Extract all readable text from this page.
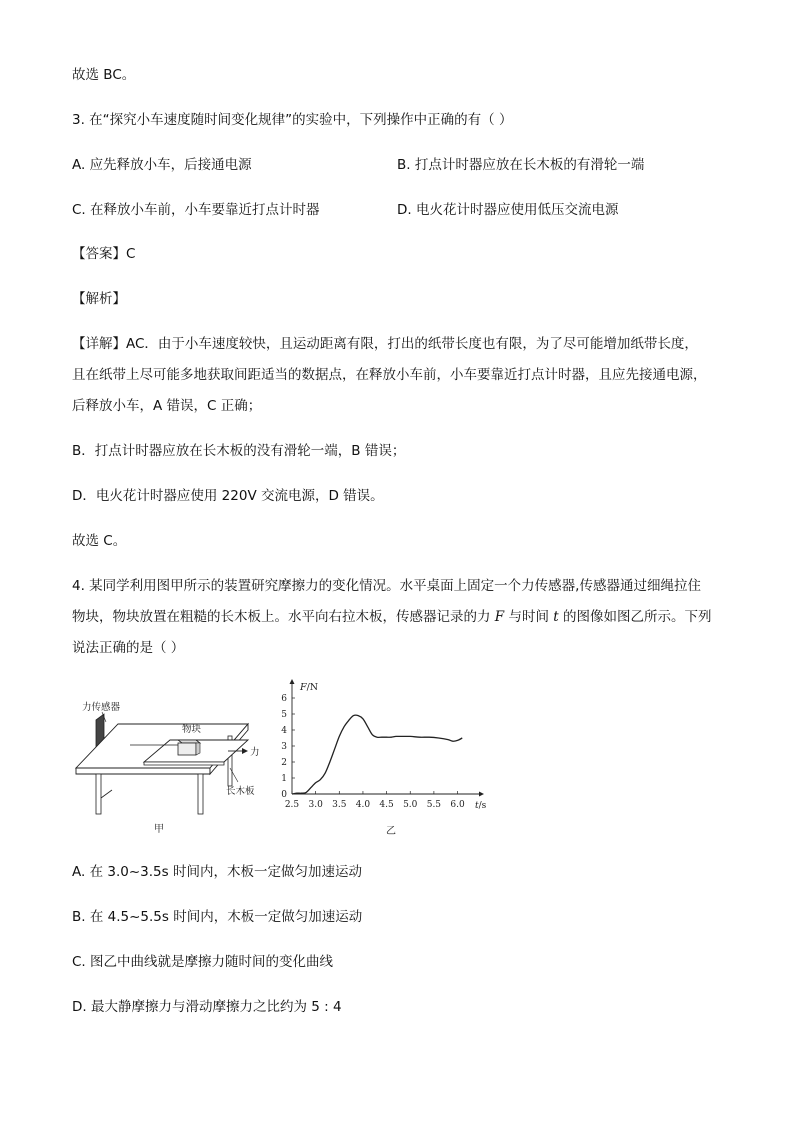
故选 BC。
3. 在“探究小车速度随时间变化规律”的实验中，下列操作中正确的有（ ）
A. 应先释放小车，后接通电源	B. 打点计时器应放在长木板的有滑轮一端
C. 在释放小车前，小车要靠近打点计时器	D. 电火花计时器应使用低压交流电源
【答案】C
【解析】
【详解】AC．由于小车速度较快，且运动距离有限，打出的纸带长度也有限，为了尽可能增加纸带长度，
且在纸带上尽可能多地获取间距适当的数据点，在释放小车前，小车要靠近打点计时器，且应先接通电源，
后释放小车，A 错误，C 正确；
B．打点计时器应放在长木板的没有滑轮一端，B 错误；
D．电火花计时器应使用 220V 交流电源，D 错误。
故选 C。
4. 某同学利用图甲所示的装置研究摩擦力的变化情况。水平桌面上固定一个力传感器,传感器通过细绳拉住
物块，物块放置在粗糙的长木板上。水平向右拉木板，传感器记录的力 F 与时间 t 的图像如图乙所示。下列
说法正确的是（ ）
力传感器
物块
力
长木板
甲
2.5 3.0 3.5 4.0 4.5 5.0 5.5 6.0
0
1
2
3
4
5
6
F/N
t/s
乙
A. 在 3.0~3.5s 时间内，木板一定做匀加速运动
B. 在 4.5~5.5s 时间内，木板一定做匀加速运动
C. 图乙中曲线就是摩擦力随时间的变化曲线
D. 最大静摩擦力与滑动摩擦力之比约为 5 : 4
